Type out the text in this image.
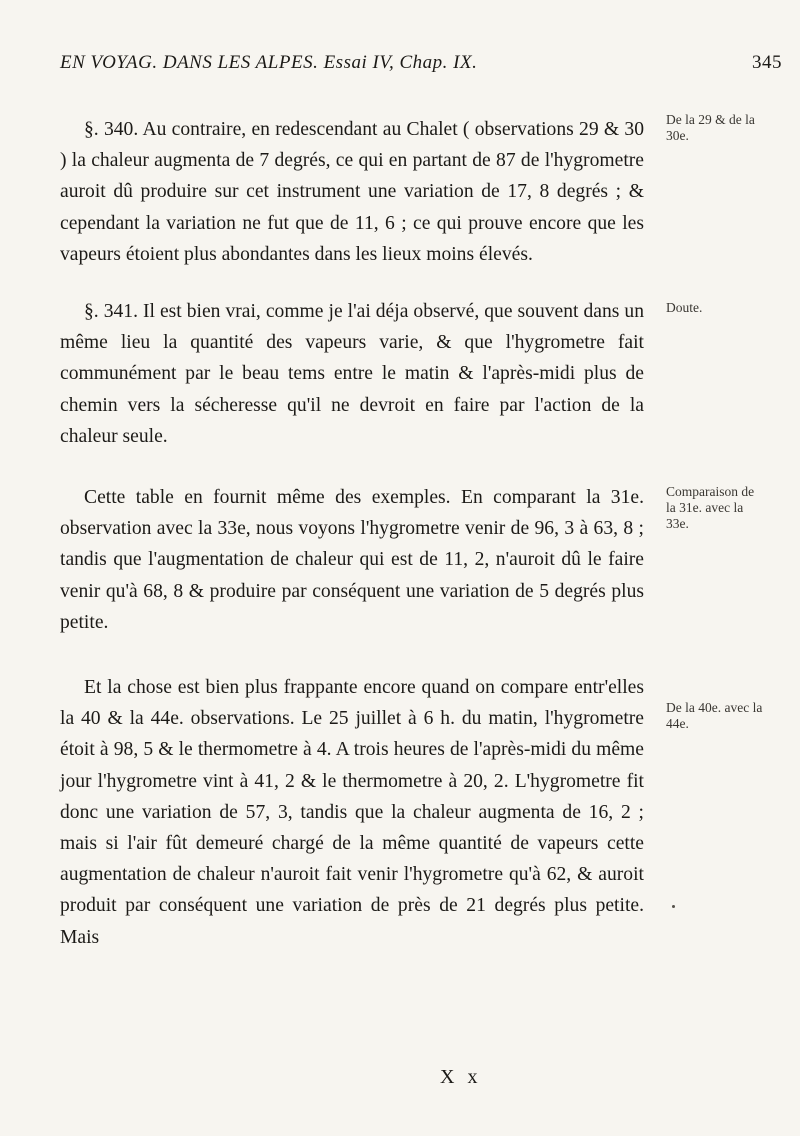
EN VOYAG. DANS LES ALPES. Essai IV, Chap. IX.	345

§. 340. Au contraire, en redescendant au Chalet ( observations 29 & 30 ) la chaleur augmenta de 7 degrés, ce qui en partant de 87 de l'hygrometre auroit dû produire sur cet instrument une variation de 17, 8 degrés ; & cependant la variation ne fut que de 11, 6 ; ce qui prouve encore que les vapeurs étoient plus abondantes dans les lieux moins élevés.

§. 341. Il est bien vrai, comme je l'ai déja observé, que souvent dans un même lieu la quantité des vapeurs varie, & que l'hygrometre fait communément par le beau tems entre le matin & l'après-midi plus de chemin vers la sécheresse qu'il ne devroit en faire par l'action de la chaleur seule.

Cette table en fournit même des exemples. En comparant la 31e. observation avec la 33e, nous voyons l'hygrometre venir de 96, 3 à 63, 8 ; tandis que l'augmentation de chaleur qui est de 11, 2, n'auroit dû le faire venir qu'à 68, 8 & produire par conséquent une variation de 5 degrés plus petite.

Et la chose est bien plus frappante encore quand on compare entr'elles la 40 & la 44e. observations. Le 25 juillet à 6 h. du matin, l'hygrometre étoit à 98, 5 & le thermometre à 4. A trois heures de l'après-midi du même jour l'hygrometre vint à 41, 2 & le thermometre à 20, 2. L'hygrometre fit donc une variation de 57, 3, tandis que la chaleur augmenta de 16, 2 ; mais si l'air fût demeuré chargé de la même quantité de vapeurs cette augmentation de chaleur n'auroit fait venir l'hygrometre qu'à 62, & auroit produit par conséquent une variation de près de 21 degrés plus petite. Mais

De la 29 & de la 30e.
Doute.
Comparaison de la 31e. avec la 33e.
De la 40e. avec la 44e.
X x
